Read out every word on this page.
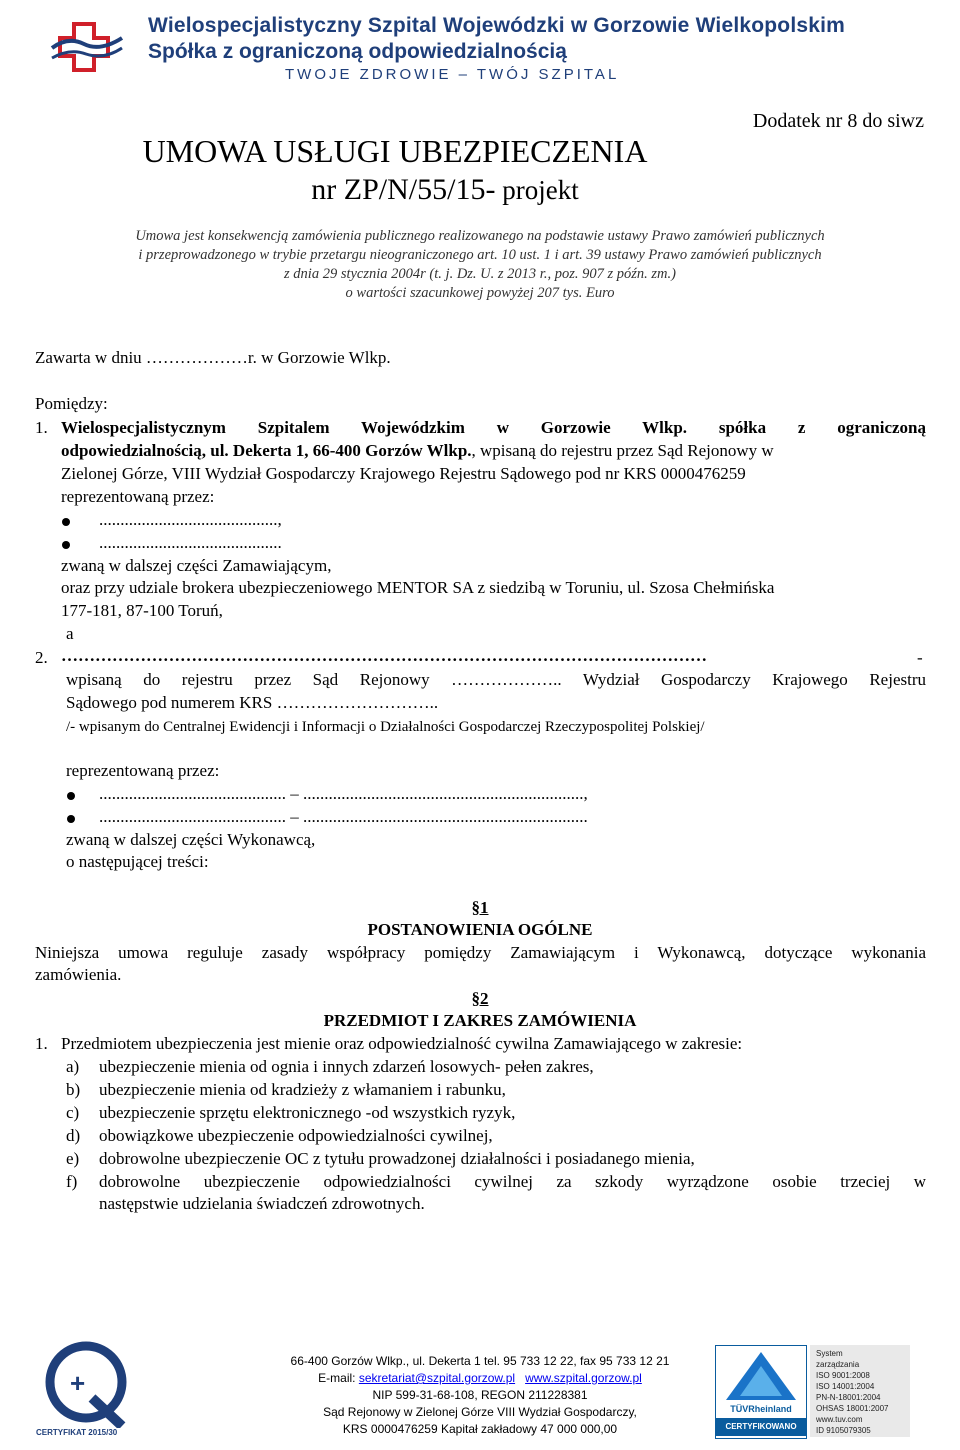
Wielospecjalistyczny Szpital Wojewódzki w Gorzowie Wielkopolskim
Spółka z ograniczoną odpowiedzialnością
TWOJE ZDROWIE – TWÓJ SZPITAL
Dodatek nr 8 do siwz
UMOWA USŁUGI UBEZPIECZENIA
nr ZP/N/55/15- projekt
Umowa jest konsekwencją zamówienia publicznego realizowanego na podstawie ustawy Prawo zamówień publicznych
i przeprowadzonego w trybie przetargu nieograniczonego art. 10 ust. 1 i art. 39 ustawy Prawo zamówień publicznych
z dnia 29 stycznia 2004r (t. j. Dz. U. z 2013 r., poz. 907 z późn. zm.)
o wartości szacunkowej powyżej 207 tys. Euro
Zawarta w dniu ………………r. w Gorzowie Wlkp.
Pomiędzy:
1. Wielospecjalistycznym Szpitalem Wojewódzkim w Gorzowie Wlkp. spółka z ograniczoną
odpowiedzialnością, ul. Dekerta 1, 66-400 Gorzów Wlkp., wpisaną do rejestru przez Sąd Rejonowy w
Zielonej Górze, VIII Wydział Gospodarczy Krajowego Rejestru Sądowego pod nr KRS 0000476259
reprezentowaną przez:
..........................................,
...........................................
zwaną w dalszej części Zamawiającym,
oraz przy udziale brokera ubezpieczeniowego MENTOR SA z siedzibą w Toruniu, ul. Szosa Chełmińska
177-181, 87-100 Toruń,
a
2. ……………………………………………………………………………………………………	-
wpisaną do rejestru przez Sąd Rejonowy ……………….. Wydział Gospodarczy Krajowego Rejestru
Sądowego pod numerem KRS ………………………..
/- wpisanym do Centralnej Ewidencji i Informacji o Działalności Gospodarczej Rzeczypospolitej Polskiej/
reprezentowaną przez:
............................................ – ..................................................................,
............................................ – ...................................................................
zwaną w dalszej części Wykonawcą,
o następującej treści:
§1
POSTANOWIENIA OGÓLNE
Niniejsza umowa reguluje zasady współpracy pomiędzy Zamawiającym i Wykonawcą, dotyczące wykonania
zamówienia.
§2
PRZEDMIOT I ZAKRES ZAMÓWIENIA
1. Przedmiotem ubezpieczenia jest mienie oraz odpowiedzialność cywilna Zamawiającego w zakresie:
a) ubezpieczenie mienia od ognia i innych zdarzeń losowych- pełen zakres,
b) ubezpieczenie mienia od kradzieży z włamaniem i rabunku,
c) ubezpieczenie sprzętu elektronicznego -od wszystkich ryzyk,
d) obowiązkowe ubezpieczenie odpowiedzialności cywilnej,
e) dobrowolne ubezpieczenie OC z tytułu prowadzonej działalności i posiadanego mienia,
f) dobrowolne ubezpieczenie odpowiedzialności cywilnej za szkody wyrządzone osobie trzeciej w
następstwie udzielania świadczeń zdrowotnych.
+
CERTYFIKAT 2015/30
66-400 Gorzów Wlkp., ul. Dekerta 1 tel. 95 733 12 22, fax 95 733 12 21
E-mail: sekretariat@szpital.gorzow.pl www.szpital.gorzow.pl
NIP 599-31-68-108, REGON 211228381
Sąd Rejonowy w Zielonej Górze VIII Wydział Gospodarczy,
KRS 0000476259 Kapitał zakładowy 47 000 000,00
TÜVRheinland
CERTYFIKOWANO
System
zarządzania
ISO 9001:2008
ISO 14001:2004
PN-N-18001:2004
OHSAS 18001:2007
www.tuv.com
ID 9105079305
